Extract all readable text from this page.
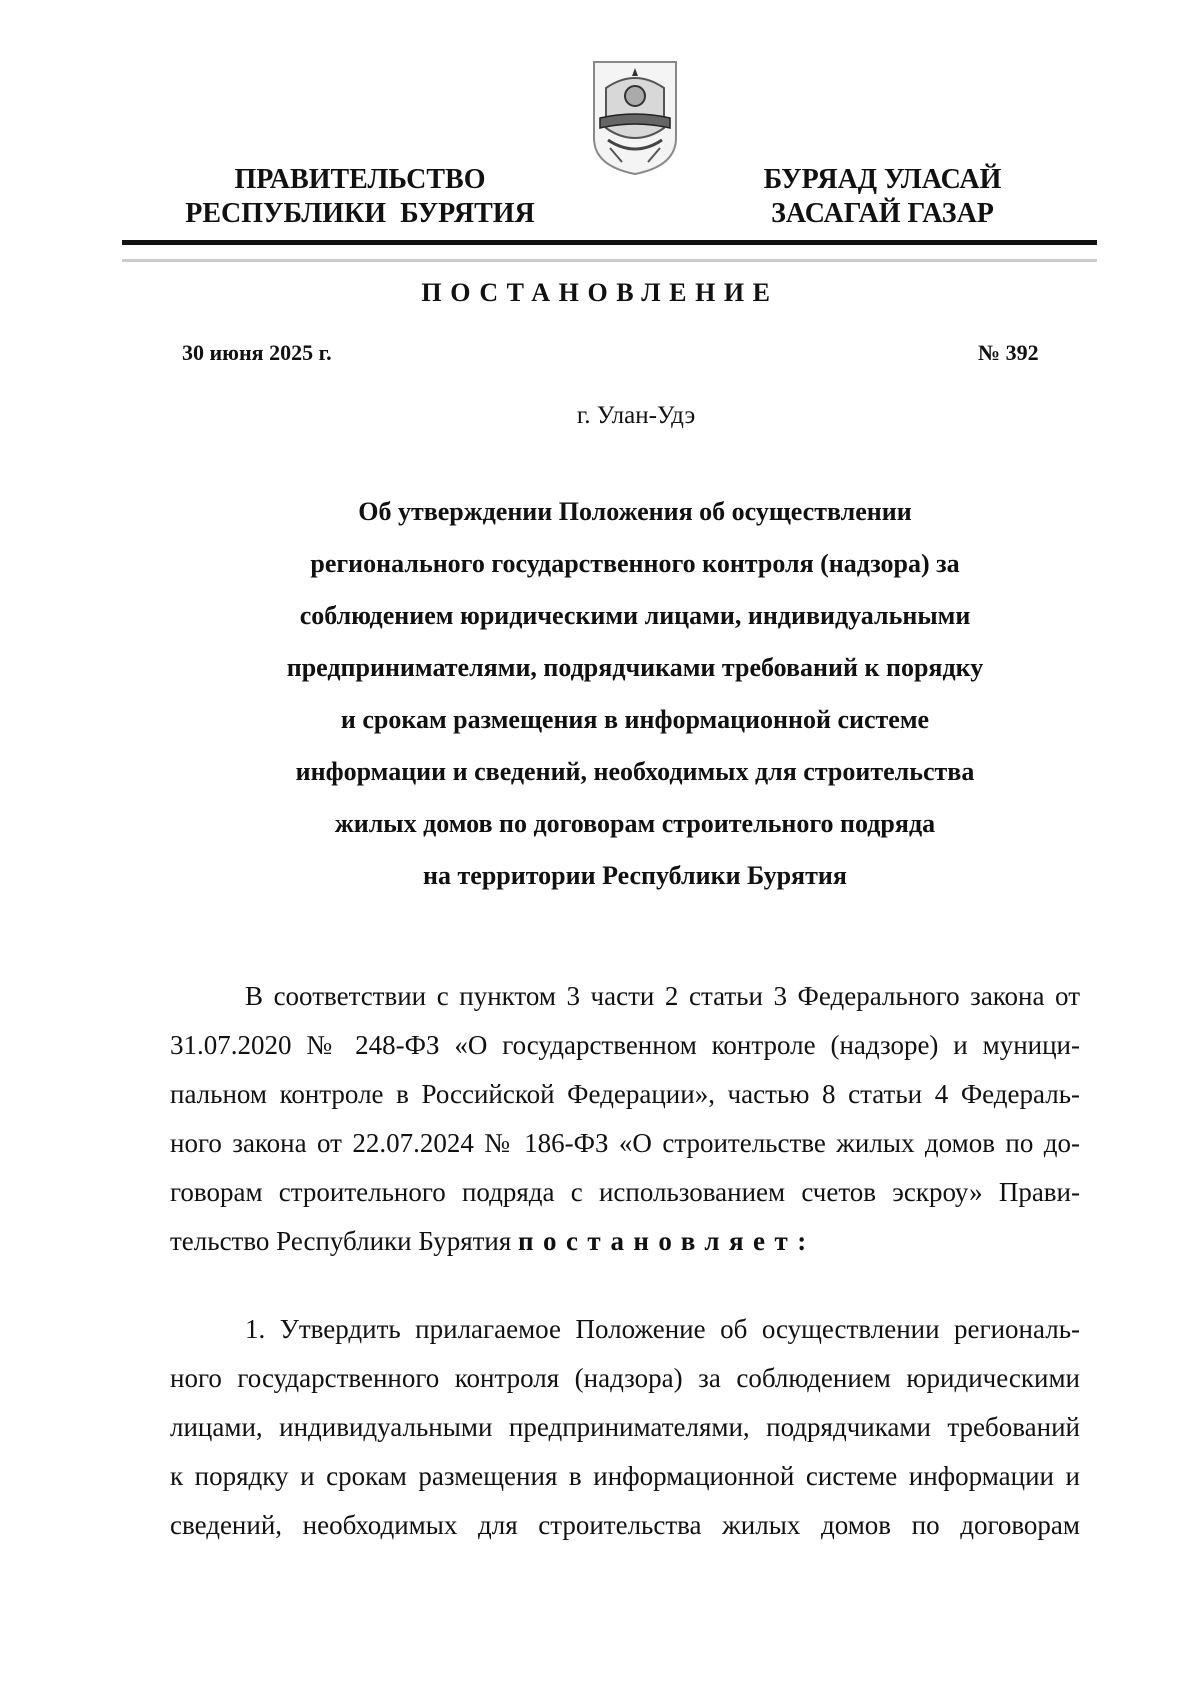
ПРАВИТЕЛЬСТВО
РЕСПУБЛИКИ  БУРЯТИЯ
БУРЯАД УЛАСАЙ
ЗАСАГАЙ ГАЗАР
ПОСТАНОВЛЕНИЕ
30 июня 2025 г.	№ 392
г. Улан-Удэ
Об утверждении Положения об осуществлении
регионального государственного контроля (надзора) за
соблюдением юридическими лицами, индивидуальными
предпринимателями, подрядчиками требований к порядку
и срокам размещения в информационной системе
информации и сведений, необходимых для строительства
жилых домов по договорам строительного подряда
на территории Республики Бурятия
В соответствии с пунктом 3 части 2 статьи 3 Федерального закона от
31.07.2020 № 248-ФЗ «О государственном контроле (надзоре) и муници-
пальном контроле в Российской Федерации», частью 8 статьи 4 Федераль-
ного закона от 22.07.2024 № 186-ФЗ «О строительстве жилых домов по до-
говорам строительного подряда с использованием счетов эскроу» Прави-
тельство Республики Бурятия постановляет:
1. Утвердить прилагаемое Положение об осуществлении региональ-
ного государственного контроля (надзора) за соблюдением юридическими
лицами, индивидуальными предпринимателями, подрядчиками требований
к порядку и срокам размещения в информационной системе информации и
сведений, необходимых для строительства жилых домов по договорам
